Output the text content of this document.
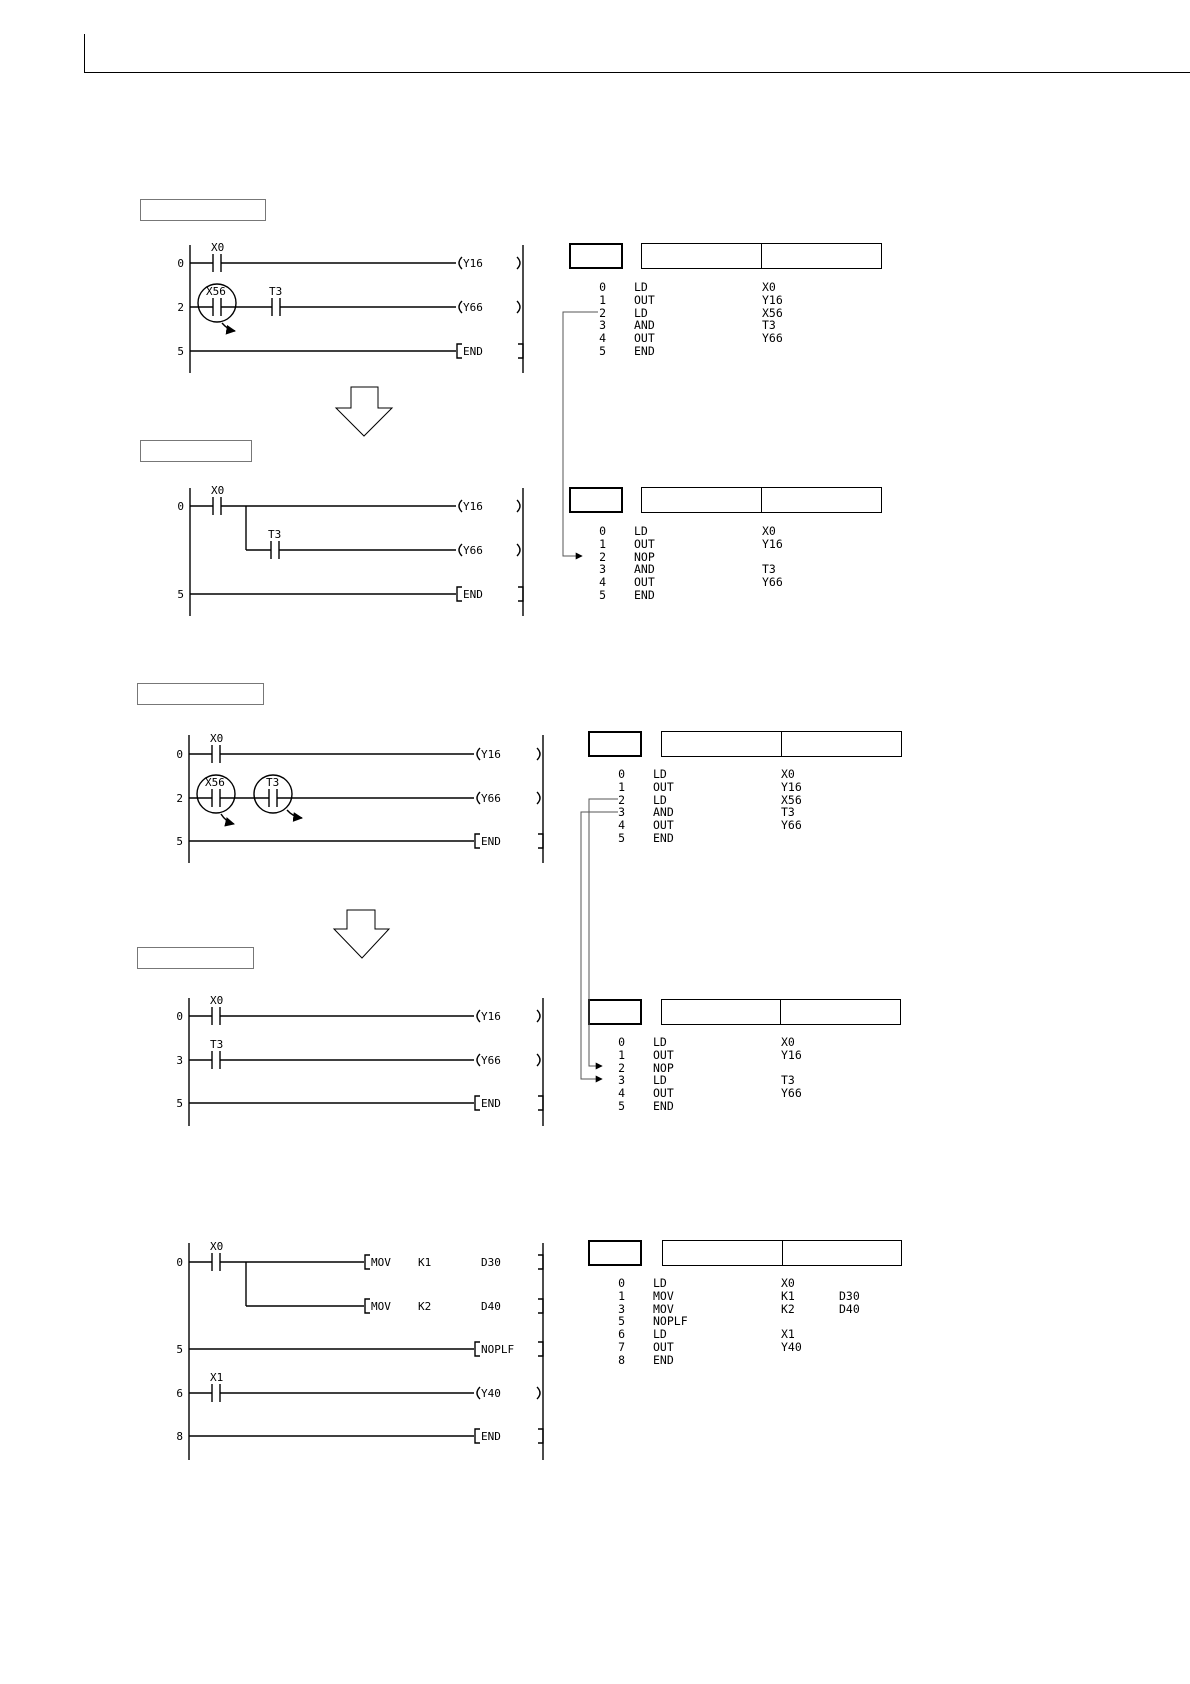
0 LD	X0
1 OUT	Y16
2 LD	X56
3 AND	T3
4 OUT	Y66
5 END
0 LD	X0
1 OUT	Y16
2 NOP
3 AND	T3
4 OUT	Y66
5 END
0 LD	X0
1 OUT	Y16
2 LD	X56
3 AND	T3
4 OUT	Y66
5 END
0 LD	X0
1 OUT	Y16
2 NOP
3 LD	T3
4 OUT	Y66
5 END
0 LD	X0
1 MOV	K1	D30
3 MOV	K2	D40
5 NOPLF
6 LD	X1
7 OUT	Y40
8 END
0
X0
Y16
2
X56	T3
Y66
5	END
0
X0
Y16
T3
Y66
5	END
0
X0
Y16
2
X56	T3
Y66
5	END
0
X0
Y16
3
T3
Y66
5	END
0
X0
MOV K1	D30
MOV K2	D40
5	NOPLF
6
X1
Y40
8	END
